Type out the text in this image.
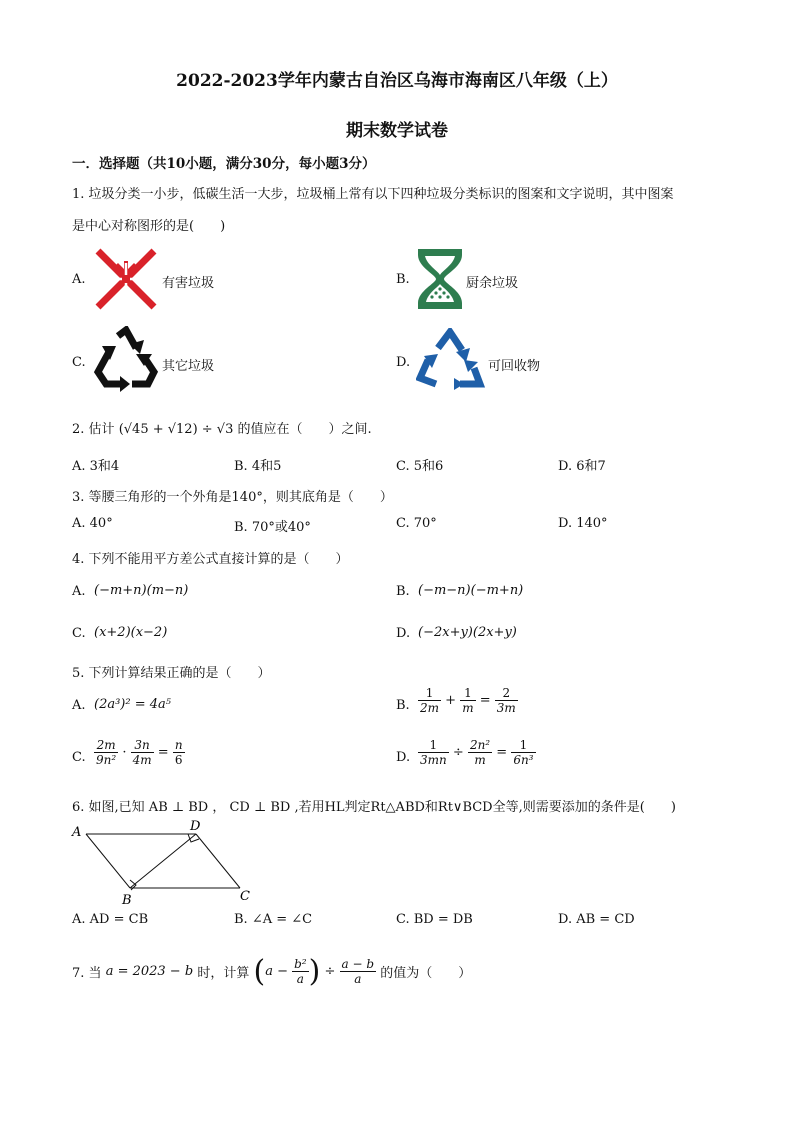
2022-2023学年内蒙古自治区乌海市海南区八年级（上）
期末数学试卷
一．选择题（共10小题，满分30分，每小题3分）
1. 垃圾分类一小步，低碳生活一大步，垃圾桶上常有以下四种垃圾分类标识的图案和文字说明，其中图案
是中心对称图形的是(　　)
A.	有害垃圾	B.	厨余垃圾
C.	其它垃圾	D.	可回收物
2. 估计 (√45 + √12) ÷ √3 的值应在（　　）之间.
A. 3和4	B. 4和5	C. 5和6	D. 6和7
3. 等腰三角形的一个外角是140°，则其底角是（　　）
A. 40°	B. 70°或40°	C. 70°	D. 140°
4. 下列不能用平方差公式直接计算的是（　　）
A. (−m+n)(m−n)	B. (−m−n)(−m+n)
C. (x+2)(x−2)	D. (−2x+y)(2x+y)
5. 下列计算结果正确的是（　　）
A. (2a³)² = 4a⁵	B. $\frac{1}{2m} + \frac{1}{m} = \frac{2}{3m}$
C. $\frac{2m}{\text{9n²}} \cdot \frac{3n}{4m} = \frac{n}{6}$	D. $\frac{1}{3mn} \div \frac{\text{2n²}}{m} = \frac{1}{\text{6n³}}$
6. 如图,已知 AB ⊥ BD ， CD ⊥ BD ,若用HL判定Rt△ABD和Rt∨BCD全等,则需要添加的条件是(　　)
A	D
B	C
A. AD = CB	B. ∠A = ∠C	C. BD = DB	D. AB = CD
7. 当 a = 2023 − b 时，计算 ($a - \frac{\text{b²}}{a}$ ) ÷ $\frac{a - b}{a}$ 的值为（　　）
